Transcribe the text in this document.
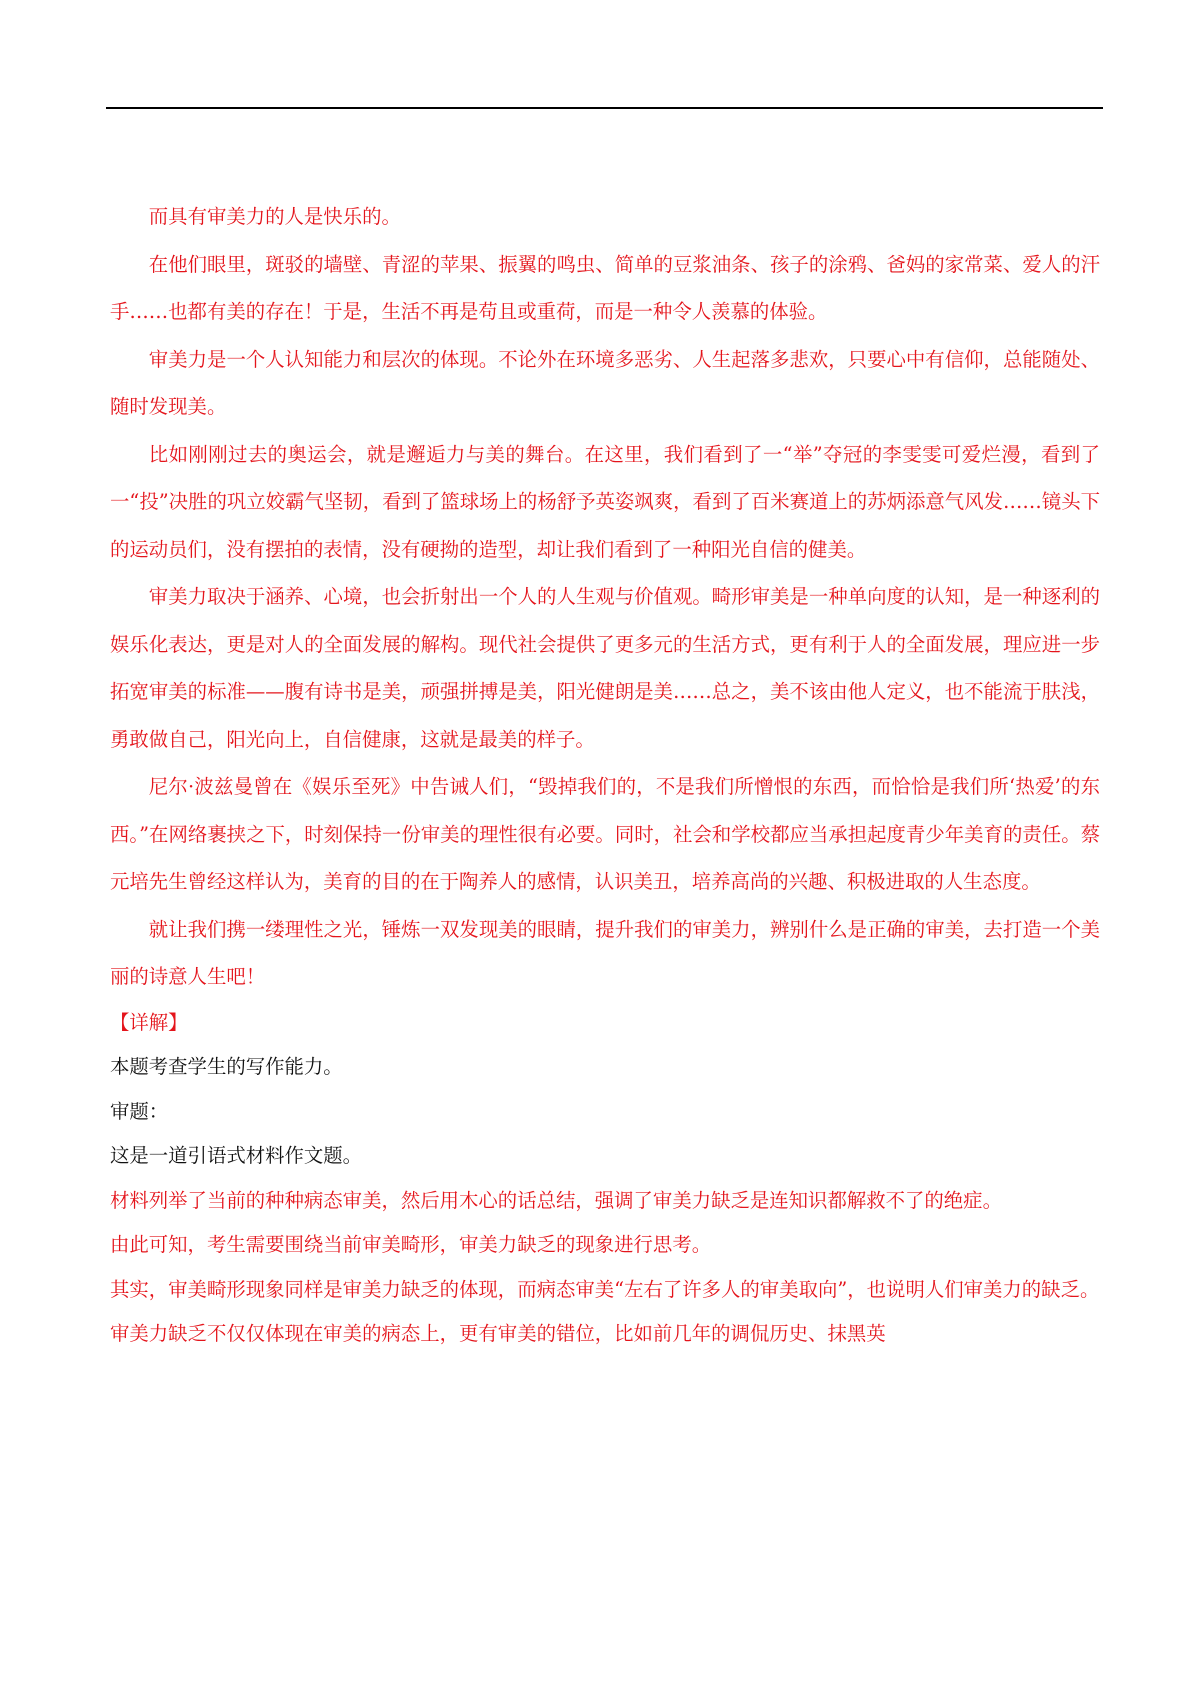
而具有审美力的人是快乐的。

在他们眼里，斑驳的墙壁、青涩的苹果、振翼的鸣虫、简单的豆浆油条、孩子的涂鸦、爸妈的家常菜、爱人的汗手……也都有美的存在！于是，生活不再是苟且或重荷，而是一种令人羡慕的体验。

审美力是一个人认知能力和层次的体现。不论外在环境多恶劣、人生起落多悲欢，只要心中有信仰，总能随处、随时发现美。

比如刚刚过去的奥运会，就是邂逅力与美的舞台。在这里，我们看到了一“举”夺冠的李雯雯可爱烂漫，看到了一“投”决胜的巩立姣霸气坚韧，看到了篮球场上的杨舒予英姿飒爽，看到了百米赛道上的苏炳添意气风发……镜头下的运动员们，没有摆拍的表情，没有硬拗的造型，却让我们看到了一种阳光自信的健美。

审美力取决于涵养、心境，也会折射出一个人的人生观与价值观。畸形审美是一种单向度的认知，是一种逐利的娱乐化表达，更是对人的全面发展的解构。现代社会提供了更多元的生活方式，更有利于人的全面发展，理应进一步拓宽审美的标准——腹有诗书是美，顽强拼搏是美，阳光健朗是美……总之，美不该由他人定义，也不能流于肤浅，勇敢做自己，阳光向上，自信健康，这就是最美的样子。

尼尔·波兹曼曾在《娱乐至死》中告诫人们，“毁掉我们的，不是我们所憎恨的东西，而恰恰是我们所‘热爱’的东西。”在网络裹挟之下，时刻保持一份审美的理性很有必要。同时，社会和学校都应当承担起度青少年美育的责任。蔡元培先生曾经这样认为，美育的目的在于陶养人的感情，认识美丑，培养高尚的兴趣、积极进取的人生态度。

就让我们携一缕理性之光，锤炼一双发现美的眼睛，提升我们的审美力，辨别什么是正确的审美，去打造一个美丽的诗意人生吧！

【详解】

本题考查学生的写作能力。

审题：

这是一道引语式材料作文题。

材料列举了当前的种种病态审美，然后用木心的话总结，强调了审美力缺乏是连知识都解救不了的绝症。

由此可知，考生需要围绕当前审美畸形，审美力缺乏的现象进行思考。

其实，审美畸形现象同样是审美力缺乏的体现，而病态审美“左右了许多人的审美取向”，也说明人们审美力的缺乏。审美力缺乏不仅仅体现在审美的病态上，更有审美的错位，比如前几年的调侃历史、抹黑英
